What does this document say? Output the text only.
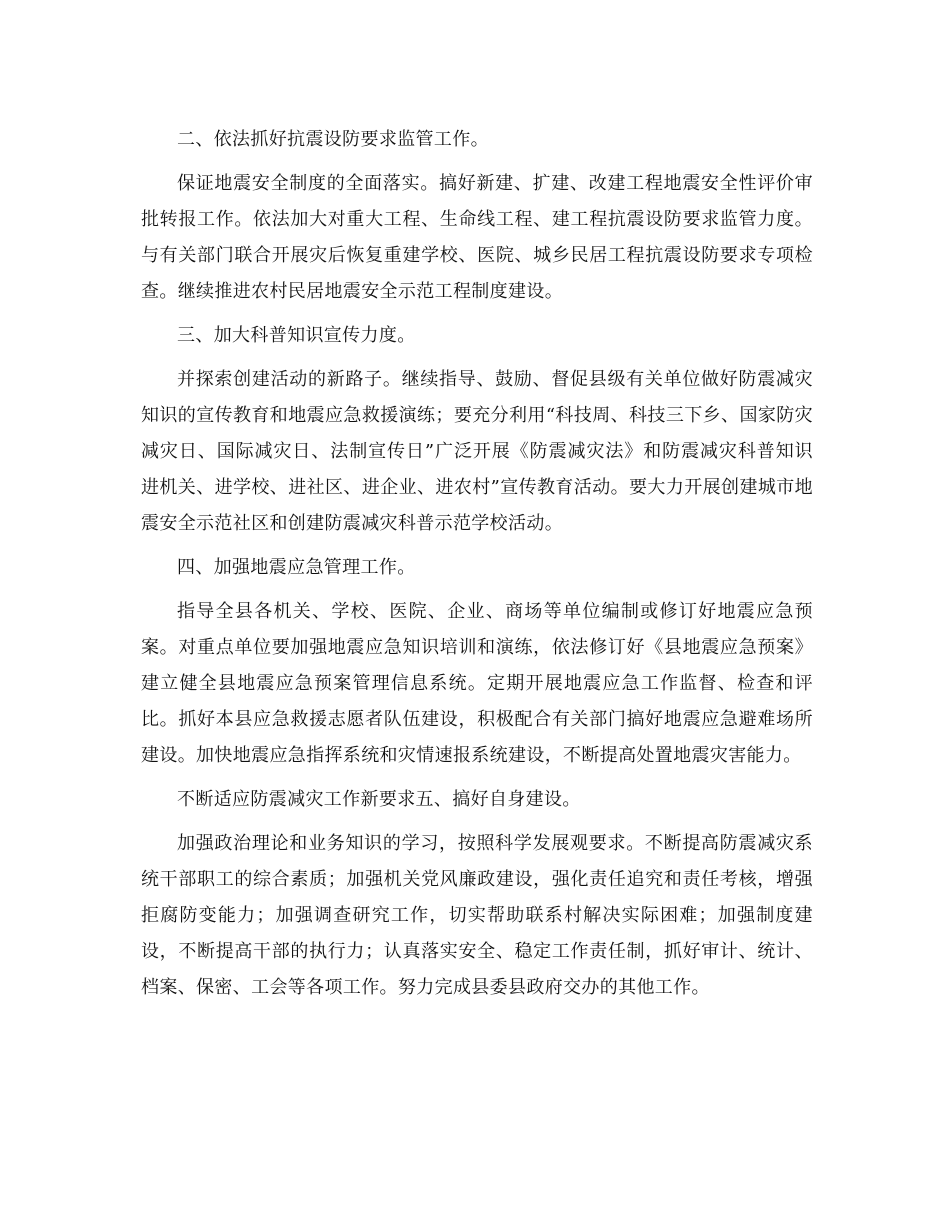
二、依法抓好抗震设防要求监管工作。

保证地震安全制度的全面落实。搞好新建、扩建、改建工程地震安全性评价审批转报工作。依法加大对重大工程、生命线工程、建工程抗震设防要求监管力度。与有关部门联合开展灾后恢复重建学校、医院、城乡民居工程抗震设防要求专项检查。继续推进农村民居地震安全示范工程制度建设。

三、加大科普知识宣传力度。

并探索创建活动的新路子。继续指导、鼓励、督促县级有关单位做好防震减灾知识的宣传教育和地震应急救援演练；要充分利用“科技周、科技三下乡、国家防灾减灾日、国际减灾日、法制宣传日”广泛开展《防震减灾法》和防震减灾科普知识 进机关、进学校、进社区、进企业、进农村”宣传教育活动。要大力开展创建城市地震安全示范社区和创建防震减灾科普示范学校活动。

四、加强地震应急管理工作。

指导全县各机关、学校、医院、企业、商场等单位编制或修订好地震应急预案。对重点单位要加强地震应急知识培训和演练，依法修订好《县地震应急预案》建立健全县地震应急预案管理信息系统。定期开展地震应急工作监督、检查和评比。抓好本县应急救援志愿者队伍建设，积极配合有关部门搞好地震应急避难场所建设。加快地震应急指挥系统和灾情速报系统建设，不断提高处置地震灾害能力。

不断适应防震减灾工作新要求五、搞好自身建设。

加强政治理论和业务知识的学习，按照科学发展观要求。不断提高防震减灾系统干部职工的综合素质；加强机关党风廉政建设，强化责任追究和责任考核，增强拒腐防变能力；加强调查研究工作，切实帮助联系村解决实际困难；加强制度建设，不断提高干部的执行力；认真落实安全、稳定工作责任制，抓好审计、统计、档案、保密、工会等各项工作。努力完成县委县政府交办的其他工作。
